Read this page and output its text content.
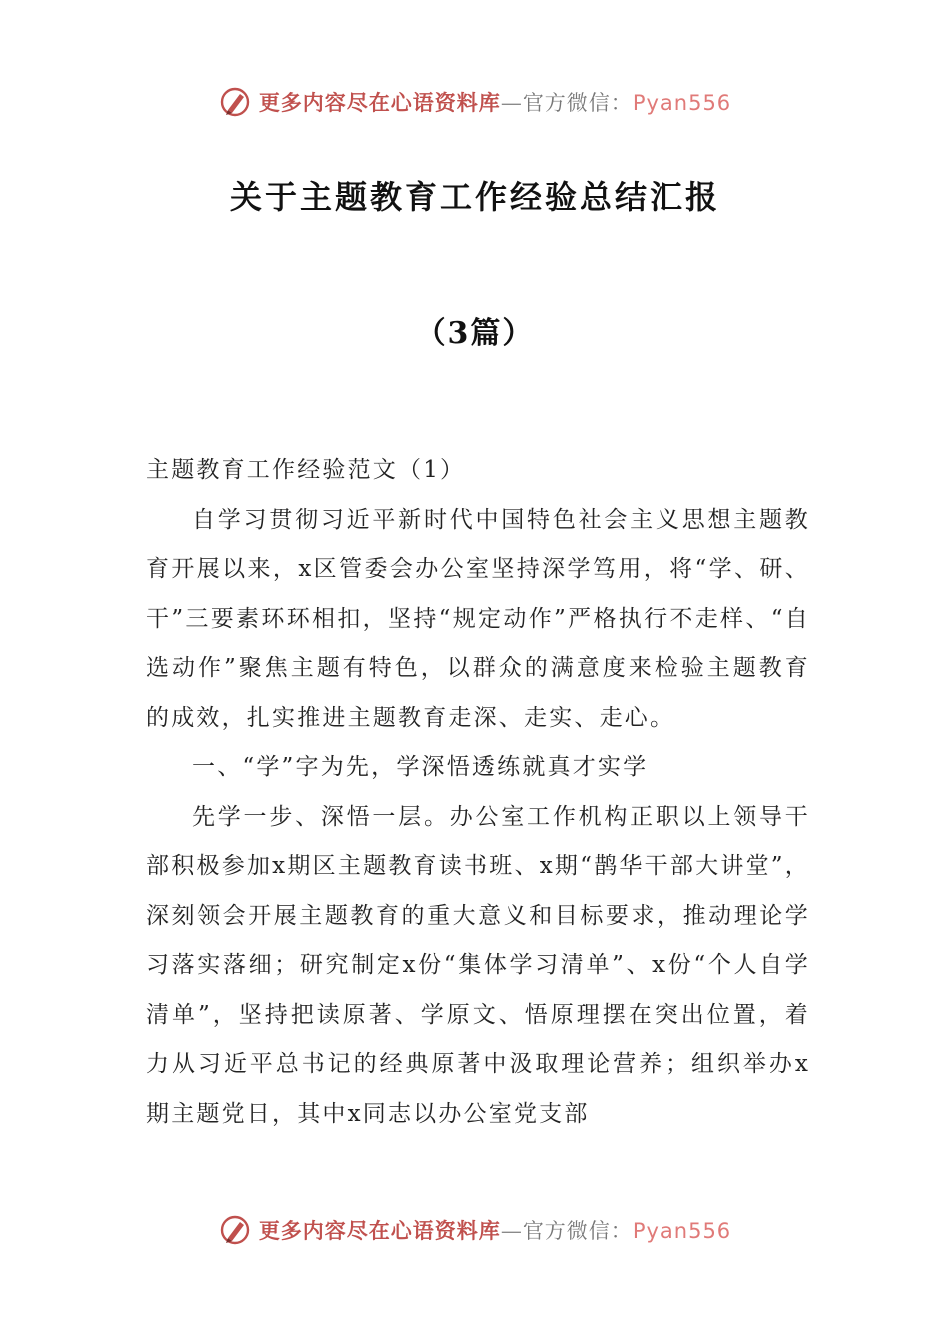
更多内容尽在心语资料库—官方微信：Pyan556
关于主题教育工作经验总结汇报
（3篇）

主题教育工作经验范文（1）

自学习贯彻习近平新时代中国特色社会主义思想主题教育开展以来，x区管委会办公室坚持深学笃用，将“学、研、干”三要素环环相扣，坚持“规定动作”严格执行不走样、“自选动作”聚焦主题有特色，以群众的满意度来检验主题教育的成效，扎实推进主题教育走深、走实、走心。

一、“学”字为先，学深悟透练就真才实学

先学一步、深悟一层。办公室工作机构正职以上领导干部积极参加x期区主题教育读书班、x期“鹊华干部大讲堂”，深刻领会开展主题教育的重大意义和目标要求，推动理论学习落实落细；研究制定x份“集体学习清单”、x份“个人自学清单”，坚持把读原著、学原文、悟原理摆在突出位置，着力从习近平总书记的经典原著中汲取理论营养；组织举办x期主题党日，其中x同志以办公室党支部

更多内容尽在心语资料库—官方微信：Pyan556
